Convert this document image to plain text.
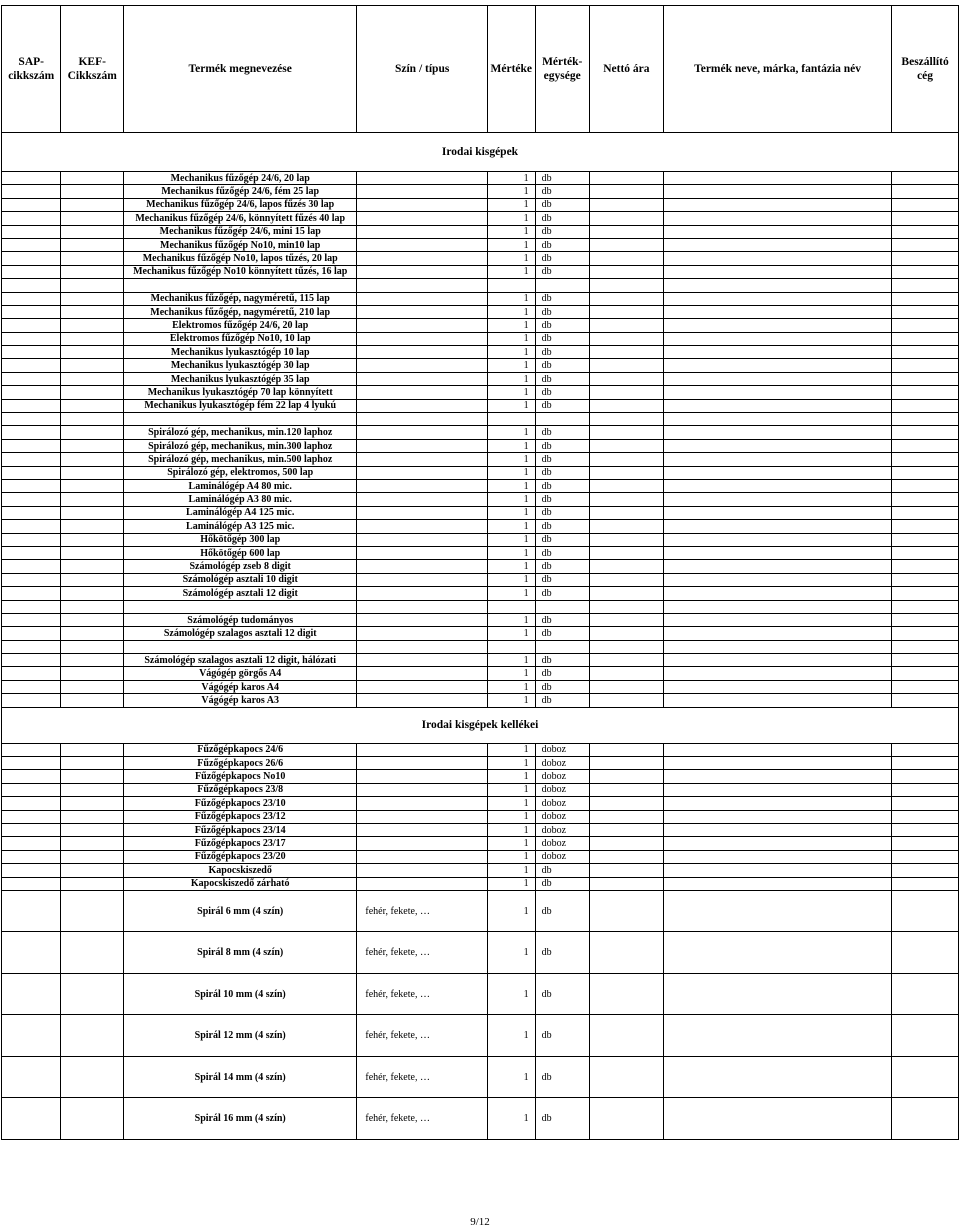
SAP-cikkszám	KEF-Cikkszám	Termék megnevezése	Szín / típus	Mértéke	Mérték-egysége	Nettó ára	Termék neve, márka, fantázia név	Beszállító cég
Irodai kisgépek								
		Mechanikus fűzőgép 24/6, 20 lap		1	db			
		Mechanikus fűzőgép 24/6, fém 25 lap		1	db			
		Mechanikus fűzőgép 24/6, lapos fűzés 30 lap		1	db			
		Mechanikus fűzőgép 24/6, könnyített fűzés 40 lap		1	db			
		Mechanikus fűzőgép 24/6, mini 15 lap		1	db			
		Mechanikus fűzőgép No10, min10 lap		1	db			
		Mechanikus fűzőgép No10, lapos tűzés, 20 lap		1	db			
		Mechanikus fűzőgép No10 könnyített tűzés, 16 lap		1	db			

		Mechanikus fűzőgép, nagyméretű, 115 lap		1	db			
		Mechanikus fűzőgép, nagyméretű, 210 lap		1	db			
		Elektromos fűzőgép 24/6, 20 lap		1	db			
		Elektromos fűzőgép No10, 10 lap		1	db			
		Mechanikus lyukasztógép 10 lap		1	db			
		Mechanikus lyukasztógép 30 lap		1	db			
		Mechanikus lyukasztógép 35 lap		1	db			
		Mechanikus lyukasztógép 70 lap könnyített		1	db			
		Mechanikus lyukasztógép fém 22 lap 4 lyukú		1	db			

		Spirálozó gép, mechanikus, min.120 laphoz		1	db			
		Spirálozó gép, mechanikus, min.300 laphoz		1	db			
		Spirálozó gép, mechanikus, min.500 laphoz		1	db			
		Spirálozó gép, elektromos, 500 lap		1	db			
		Laminálógép A4 80 mic.		1	db			
		Laminálógép A3 80 mic.		1	db			
		Laminálógép A4 125 mic.		1	db			
		Laminálógép A3 125 mic.		1	db			
		Hőkötőgép 300 lap		1	db			
		Hőkötőgép 600 lap		1	db			
		Számológép zseb 8 digit		1	db			
		Számológép asztali 10 digit		1	db			
		Számológép asztali 12 digit		1	db			

		Számológép tudományos		1	db			
		Számológép szalagos asztali 12 digit		1	db			

		Számológép szalagos asztali 12 digit, hálózati		1	db			
		Vágógép görgős A4		1	db			
		Vágógép karos A4		1	db			
		Vágógép karos A3		1	db			
Irodai kisgépek kellékei								
		Fűzőgépkapocs 24/6		1	doboz			
		Fűzőgépkapocs 26/6		1	doboz			
		Fűzőgépkapocs No10		1	doboz			
		Fűzőgépkapocs 23/8		1	doboz			
		Fűzőgépkapocs 23/10		1	doboz			
		Fűzőgépkapocs 23/12		1	doboz			
		Fűzőgépkapocs 23/14		1	doboz			
		Fűzőgépkapocs 23/17		1	doboz			
		Fűzőgépkapocs 23/20		1	doboz			
		Kapocskiszedő		1	db			
		Kapocskiszedő zárható		1	db			
		Spirál 6 mm (4 szín)	fehér, fekete, …	1	db			
		Spirál 8 mm (4 szín)	fehér, fekete, …	1	db			
		Spirál 10 mm (4 szín)	fehér, fekete, …	1	db			
		Spirál 12 mm (4 szín)	fehér, fekete, …	1	db			
		Spirál 14 mm (4 szín)	fehér, fekete, …	1	db			
		Spirál 16 mm (4 szín)	fehér, fekete, …	1	db			
9/12
